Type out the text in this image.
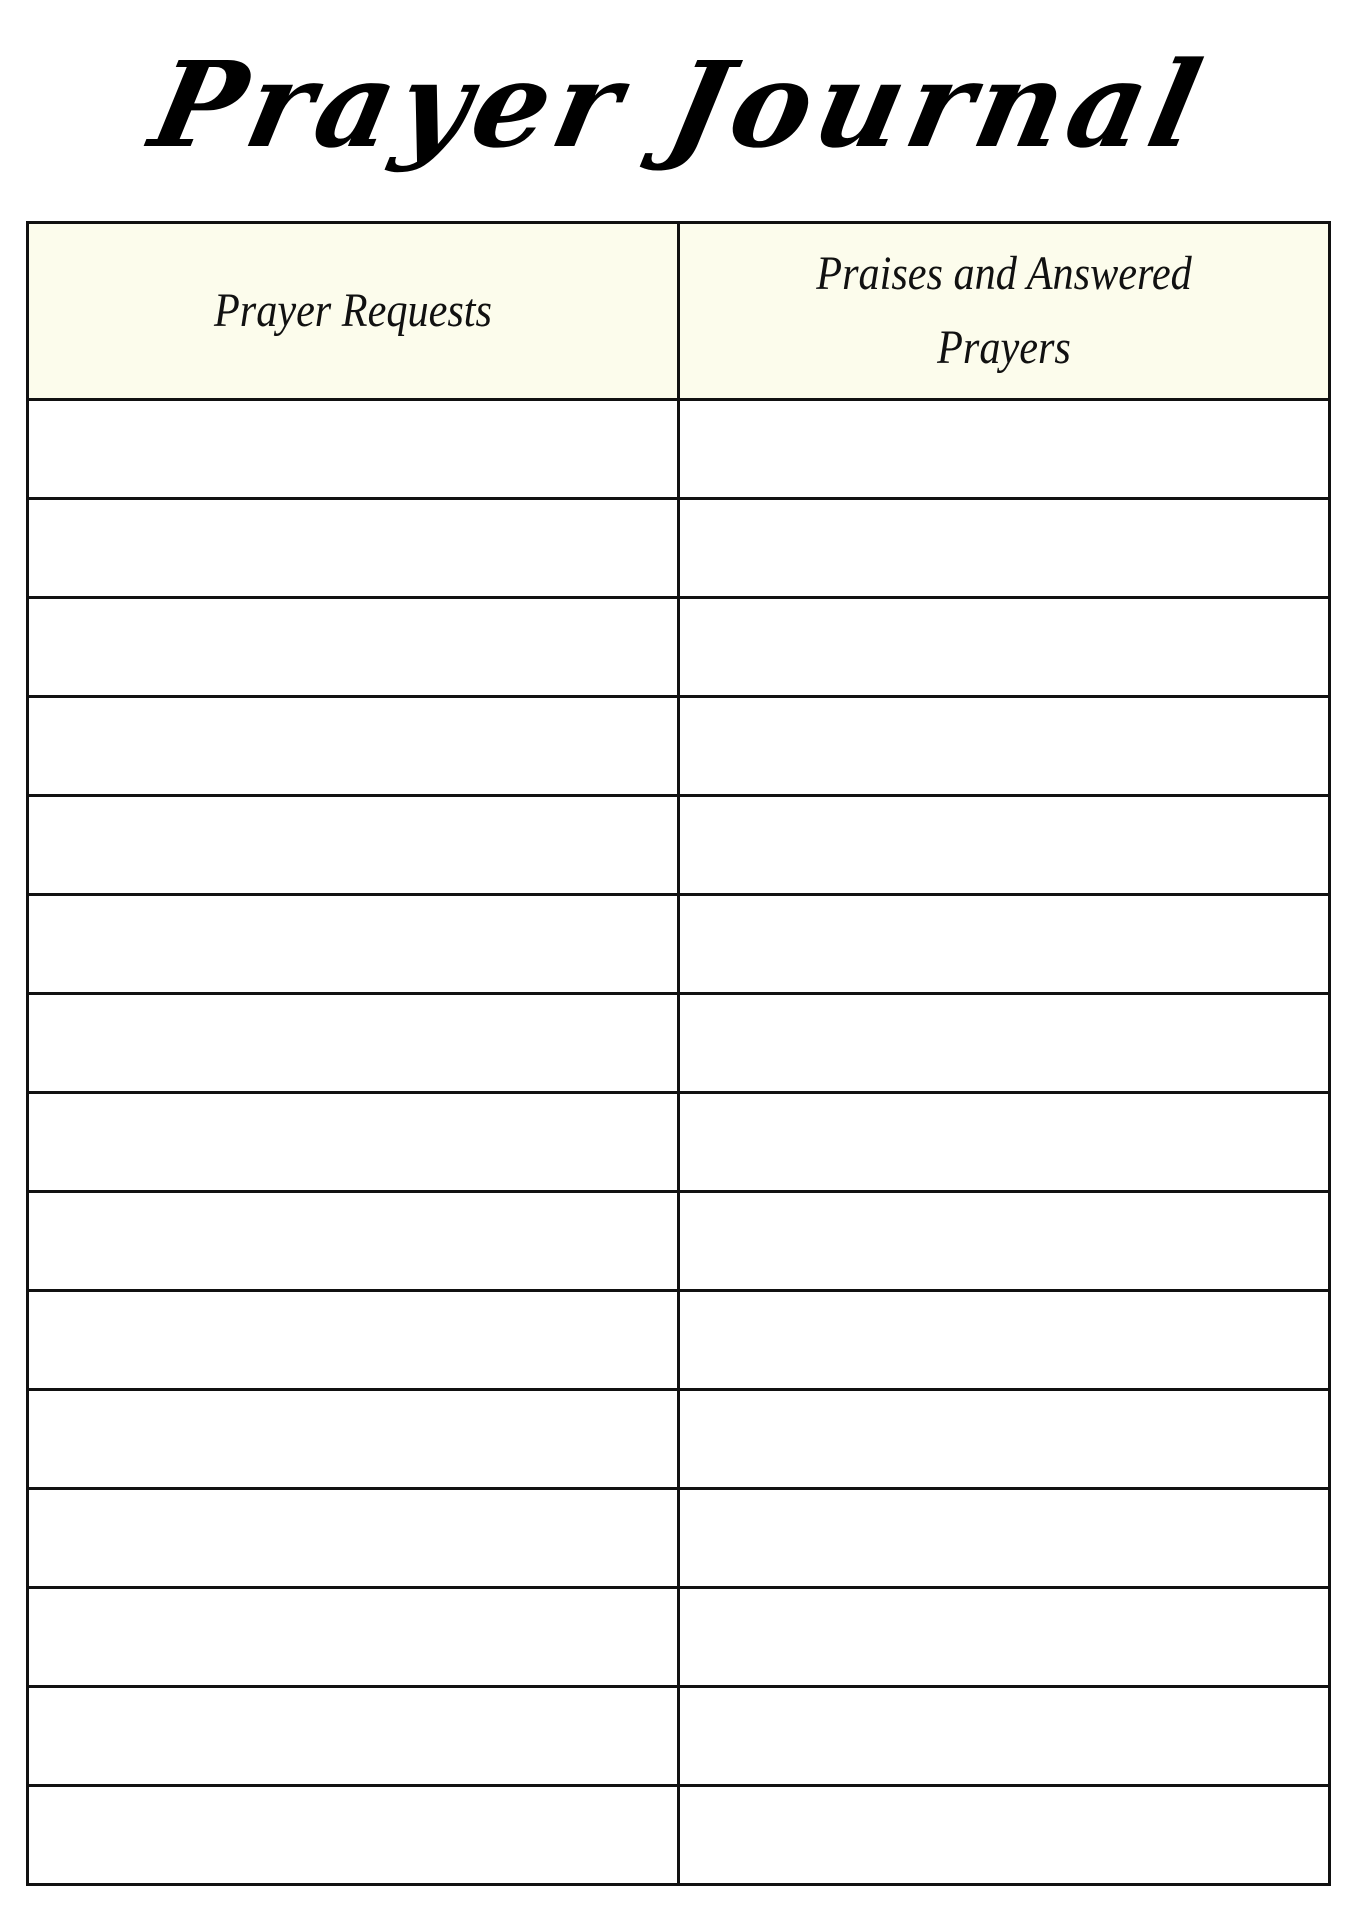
Prayer Journal
Prayer Requests	Praises and Answered Prayers
